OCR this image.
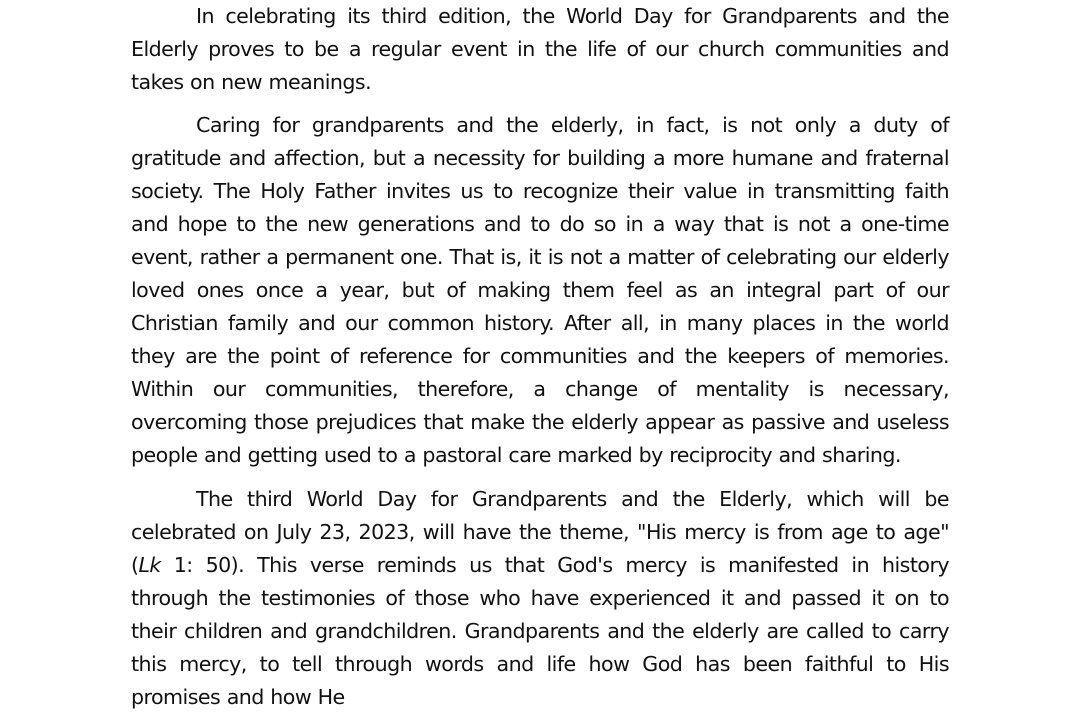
In celebrating its third edition, the World Day for Grandparents and the Elderly proves to be a regular event in the life of our church communities and takes on new meanings.

Caring for grandparents and the elderly, in fact, is not only a duty of gratitude and affection, but a necessity for building a more humane and fraternal society. The Holy Father invites us to recognize their value in transmitting faith and hope to the new generations and to do so in a way that is not a one-time event, rather a permanent one. That is, it is not a matter of celebrating our elderly loved ones once a year, but of making them feel as an integral part of our Christian family and our common history. After all, in many places in the world they are the point of reference for communities and the keepers of memories. Within our communities, therefore, a change of mentality is necessary, overcoming those prejudices that make the elderly appear as passive and useless people and getting used to a pastoral care marked by reciprocity and sharing.

The third World Day for Grandparents and the Elderly, which will be celebrated on July 23, 2023, will have the theme, "His mercy is from age to age" (Lk 1: 50). This verse reminds us that God's mercy is manifested in history through the testimonies of those who have experienced it and passed it on to their children and grandchildren. Grandparents and the elderly are called to carry this mercy, to tell through words and life how God has been faithful to His promises and how He
